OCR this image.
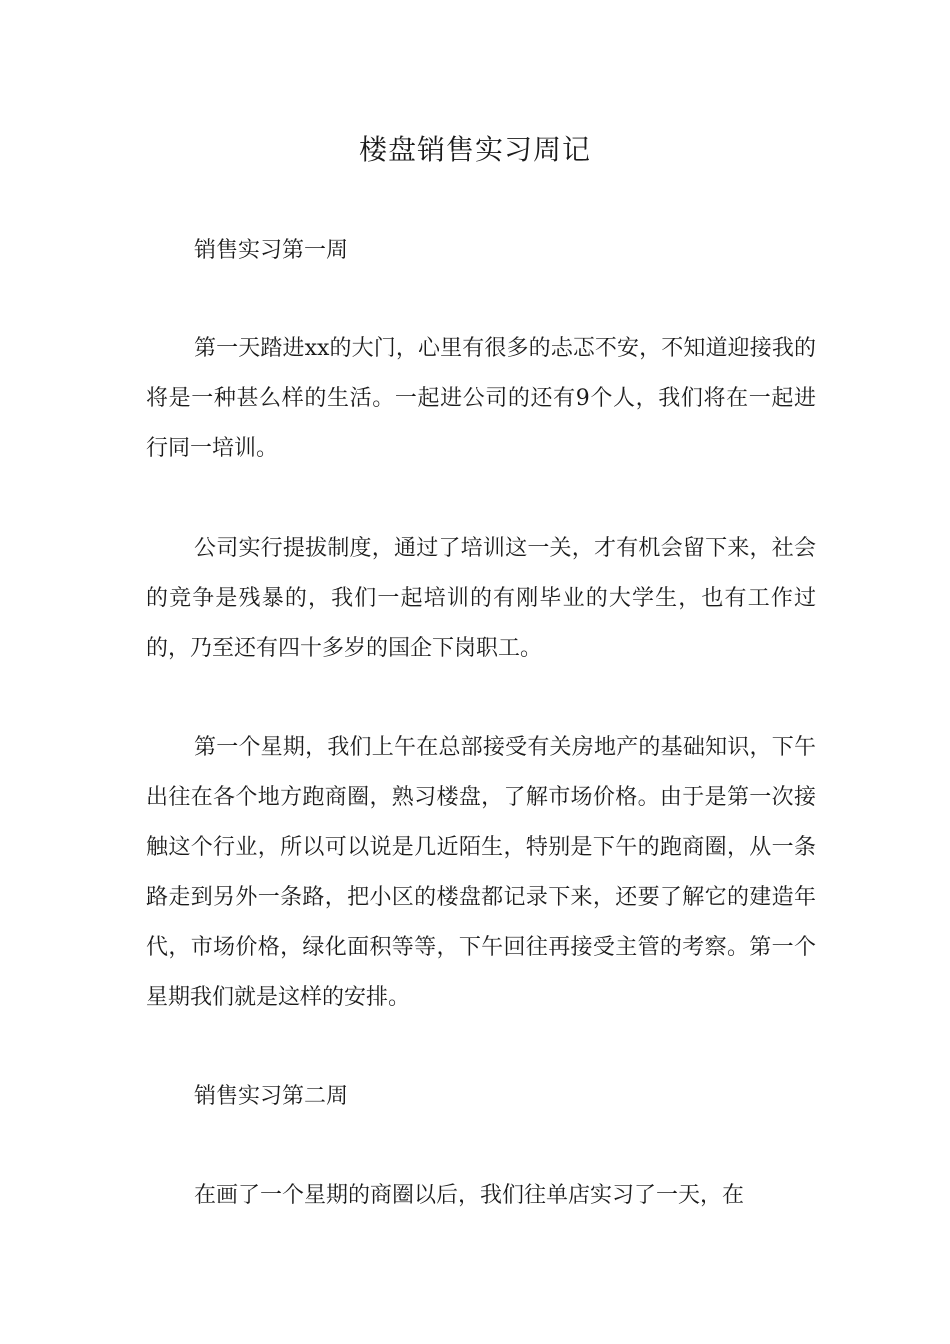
楼盘销售实习周记

销售实习第一周

第一天踏进xx的大门，心里有很多的忐忑不安，不知道迎接我的将是一种甚么样的生活。一起进公司的还有9个人，我们将在一起进行同一培训。

公司实行提拔制度，通过了培训这一关，才有机会留下来，社会的竞争是残暴的，我们一起培训的有刚毕业的大学生，也有工作过的，乃至还有四十多岁的国企下岗职工。

第一个星期，我们上午在总部接受有关房地产的基础知识，下午出往在各个地方跑商圈，熟习楼盘，了解市场价格。由于是第一次接触这个行业，所以可以说是几近陌生，特别是下午的跑商圈，从一条路走到另外一条路，把小区的楼盘都记录下来，还要了解它的建造年代，市场价格，绿化面积等等，下午回往再接受主管的考察。第一个星期我们就是这样的安排。

销售实习第二周

在画了一个星期的商圈以后，我们往单店实习了一天，在
